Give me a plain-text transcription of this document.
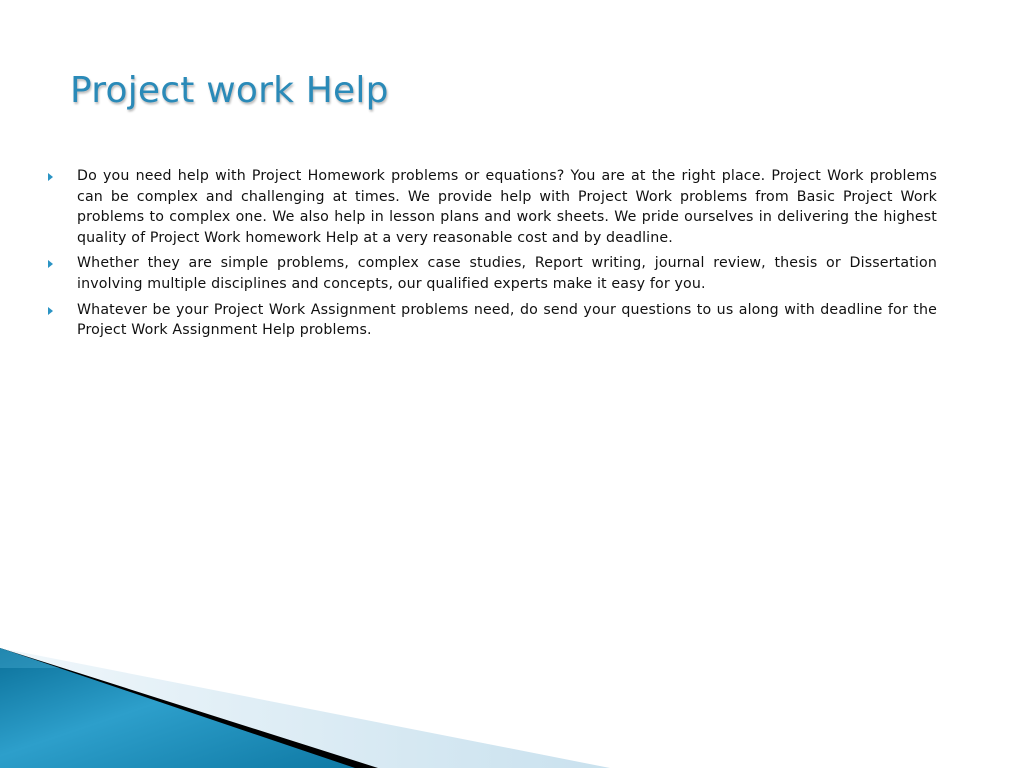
Project work Help
Do you need help with Project Homework problems or equations? You are at the right place. Project Work problems can be complex and challenging at times. We provide help with Project Work problems from Basic Project Work problems to complex one. We also help in lesson plans and work sheets. We pride ourselves in delivering the highest quality of Project Work homework Help at a very reasonable cost and by deadline.
Whether they are simple problems, complex case studies, Report writing, journal review, thesis or Dissertation involving multiple disciplines and concepts, our qualified experts make it easy for you.
Whatever be your Project Work Assignment problems need, do send your questions to us along with deadline for the Project Work Assignment Help problems.
